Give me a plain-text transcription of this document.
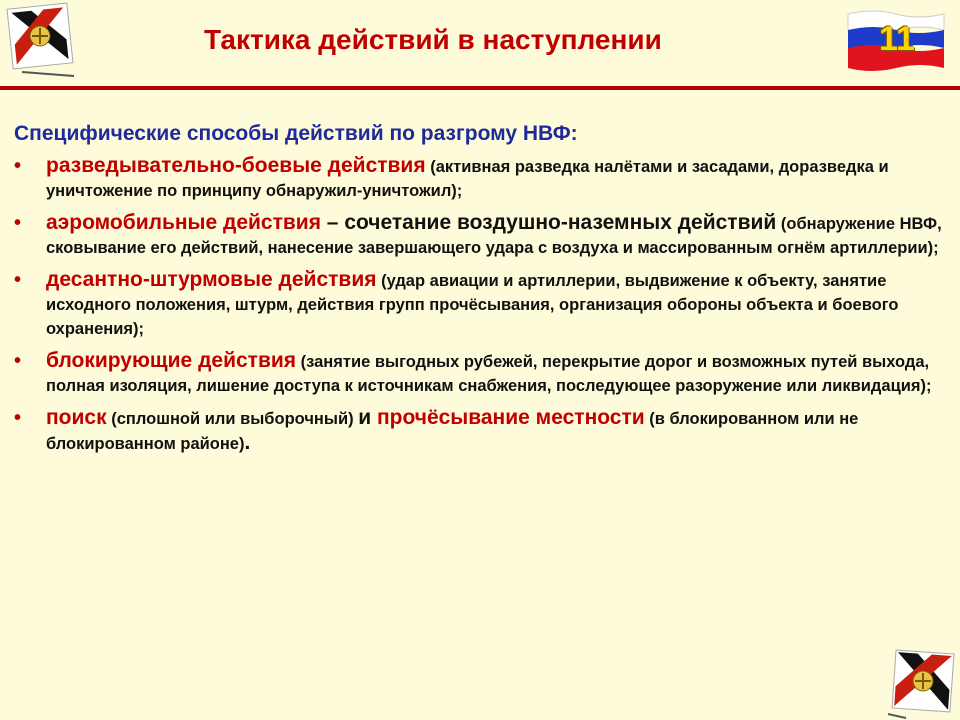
Тактика действий в наступлении	11
Специфические способы действий по разгрому НВФ:
• разведывательно-боевые действия (активная разведка налётами и засадами, доразведка и уничтожение по принципу обнаружил-уничтожил);
• аэромобильные действия – сочетание воздушно-наземных действий (обнаружение НВФ, сковывание его действий, нанесение завершающего удара с воздуха и массированным огнём артиллерии);
• десантно-штурмовые действия (удар авиации и артиллерии, выдвижение к объекту, занятие исходного положения, штурм, действия групп прочёсывания, организация обороны объекта и боевого охранения);
• блокирующие действия (занятие выгодных рубежей, перекрытие дорог и возможных путей выхода, полная изоляция, лишение доступа к источникам снабжения, последующее разоружение или ликвидация);
• поиск (сплошной или выборочный) и прочёсывание местности (в блокированном или не блокированном районе).
